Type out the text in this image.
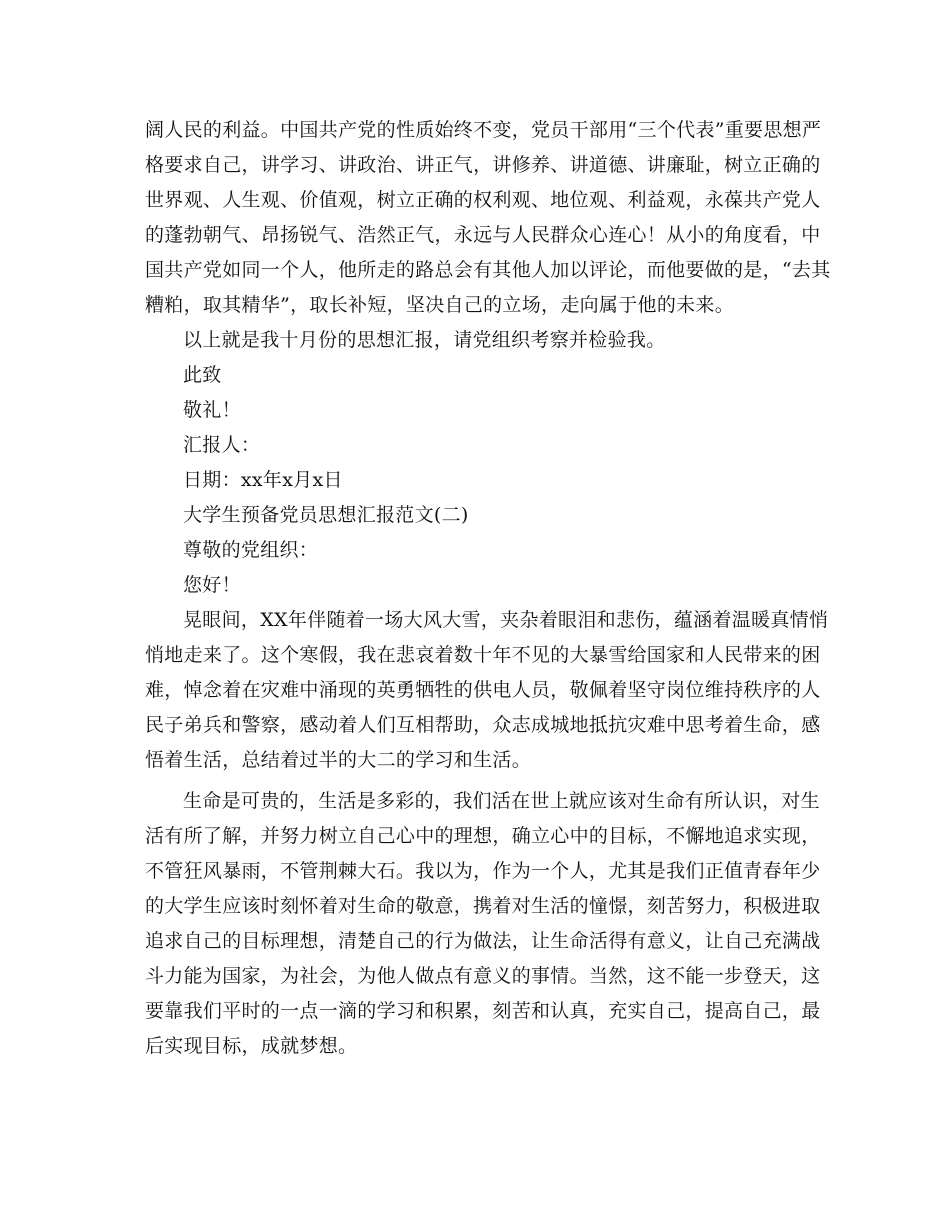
阔人民的利益。中国共产党的性质始终不变，党员干部用“三个代表”重要思想严
格要求自己，讲学习、讲政治、讲正气，讲修养、讲道德、讲廉耻，树立正确的
世界观、人生观、价值观，树立正确的权利观、地位观、利益观，永葆共产党人
的蓬勃朝气、昂扬锐气、浩然正气，永远与人民群众心连心！从小的角度看，中
国共产党如同一个人，他所走的路总会有其他人加以评论，而他要做的是，“去其
糟粕，取其精华”，取长补短，坚决自己的立场，走向属于他的未来。
以上就是我十月份的思想汇报，请党组织考察并检验我。
此致
敬礼！
汇报人：
日期：xx年x月x日
大学生预备党员思想汇报范文(二)
尊敬的党组织：
您好！
晃眼间，XX年伴随着一场大风大雪，夹杂着眼泪和悲伤，蕴涵着温暖真情悄
悄地走来了。这个寒假，我在悲哀着数十年不见的大暴雪给国家和人民带来的困
难，悼念着在灾难中涌现的英勇牺牲的供电人员，敬佩着坚守岗位维持秩序的人
民子弟兵和警察，感动着人们互相帮助，众志成城地抵抗灾难中思考着生命，感
悟着生活，总结着过半的大二的学习和生活。
生命是可贵的，生活是多彩的，我们活在世上就应该对生命有所认识，对生
活有所了解，并努力树立自己心中的理想，确立心中的目标，不懈地追求实现，
不管狂风暴雨，不管荆棘大石。我以为，作为一个人，尤其是我们正值青春年少
的大学生应该时刻怀着对生命的敬意，携着对生活的憧憬，刻苦努力，积极进取
追求自己的目标理想，清楚自己的行为做法，让生命活得有意义，让自己充满战
斗力能为国家，为社会，为他人做点有意义的事情。当然，这不能一步登天，这
要靠我们平时的一点一滴的学习和积累，刻苦和认真，充实自己，提高自己，最
后实现目标，成就梦想。
